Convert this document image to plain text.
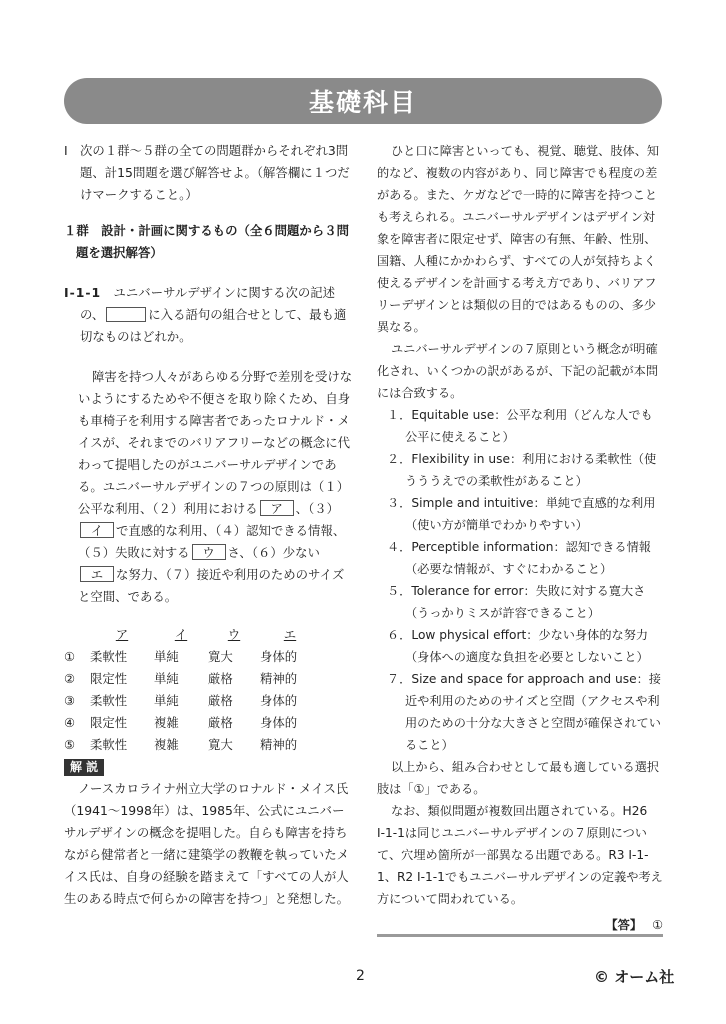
基礎科目

Ⅰ　次の１群～５群の全ての問題群からそれぞれ3問題、計15問題を選び解答せよ。（解答欄に１つだけマークすること。）

１群　設計・計画に関するもの（全６問題から３問題を選択解答）

Ⅰ-1-1　 ユニバーサルデザインに関する次の記述の、	に入る語句の組合せとして、最も適切なものはどれか。

障害を持つ人々があらゆる分野で差別を受けないようにするためや不便さを取り除くため、自身も車椅子を利用する障害者であったロナルド・メイスが、それまでのバリアフリーなどの概念に代わって提唱したのがユニバーサルデザインである。ユニバーサルデザインの７つの原則は（１）公平な利用、（２）利用における ア 、（３）イ で直感的な利用、（４）認知できる情報、（５）失敗に対する ウ さ、（６）少ないエ な努力、（７）接近や利用のためのサイズと空間、である。

	ア	イ	ウ	エ
①	柔軟性	単純	寛大	身体的
②	限定性	単純	厳格	精神的
③	柔軟性	単純	厳格	身体的
④	限定性	複雑	厳格	身体的
⑤	柔軟性	複雑	寛大	精神的
解 説

ノースカロライナ州立大学のロナルド・メイス氏（1941～1998年）は、1985年、公式にユニバーサルデザインの概念を提唱した。自らも障害を持ちながら健常者と一緒に建築学の教鞭を執っていたメイス氏は、自身の経験を踏まえて「すべての人が人生のある時点で何らかの障害を持つ」と発想した。

ひと口に障害といっても、視覚、聴覚、肢体、知的など、複数の内容があり、同じ障害でも程度の差がある。また、ケガなどで一時的に障害を持つことも考えられる。ユニバーサルデザインはデザイン対象を障害者に限定せず、障害の有無、年齢、性別、国籍、人種にかかわらず、すべての人が気持ちよく使えるデザインを計画する考え方であり、バリアフリーデザインとは類似の目的ではあるものの、多少異なる。

ユニバーサルデザインの７原則という概念が明確化され、いくつかの訳があるが、下記の記載が本問には合致する。

１．Equitable use：公平な利用（どんな人でも公平に使えること）

２．Flexibility in use：利用における柔軟性（使うううえでの柔軟性があること）

３．Simple and intuitive：単純で直感的な利用（使い方が簡単でわかりやすい）

４．Perceptible information：認知できる情報（必要な情報が、すぐにわかること）

５．Tolerance for error：失敗に対する寛大さ（うっかりミスが許容できること）

６．Low physical effort：少ない身体的な努力（身体への適度な負担を必要としないこと）

７．Size and space for approach and use：接近や利用のためのサイズと空間（アクセスや利用のための十分な大きさと空間が確保されていること）

以上から、組み合わせとして最も適している選択肢は「①」である。

なお、類似問題が複数回出題されている。H26 Ⅰ-1-1は同じユニバーサルデザインの７原則について、穴埋め箇所が一部異なる出題である。R3 Ⅰ-1-1、R2 Ⅰ-1-1でもユニバーサルデザインの定義や考え方について問われている。

【答】 ①

2	© オーム社
